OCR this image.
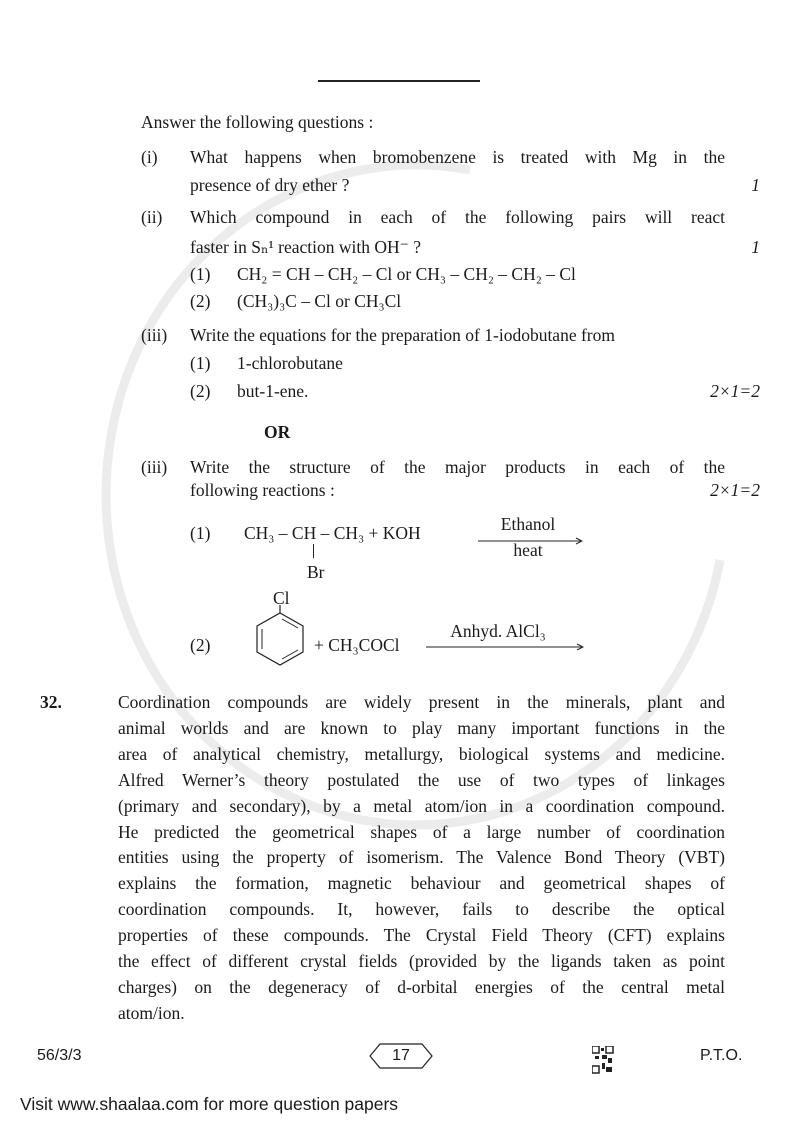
Answer the following questions :
(i) What happens when bromobenzene is treated with Mg in the
presence of dry ether ?	1
(ii) Which compound in each of the following pairs will react
faster in Sₙ¹ reaction with OH⁻ ?	1
(1) CH₂ = CH – CH₂ – Cl or CH₃ – CH₂ – CH₂ – Cl
(2) (CH₃)₃C – Cl or CH₃Cl
(iii) Write the equations for the preparation of 1-iodobutane from
(1) 1-chlorobutane
(2) but-1-ene.	2×1=2
OR
(iii) Write the structure of the major products in each of the
following reactions :	2×1=2
(1) CH₃ – CH – CH₃ + KOH
Br
Ethanol
heat
(2)
Cl
+ CH₃COCl
Anhyd. AlCl₃
32.	Coordination compounds are widely present in the minerals, plant and
animal worlds and are known to play many important functions in the
area of analytical chemistry, metallurgy, biological systems and medicine.
Alfred Werner’s theory postulated the use of two types of linkages
(primary and secondary), by a metal atom/ion in a coordination compound.
He predicted the geometrical shapes of a large number of coordination
entities using the property of isomerism. The Valence Bond Theory (VBT)
explains the formation, magnetic behaviour and geometrical shapes of
coordination compounds. It, however, fails to describe the optical
properties of these compounds. The Crystal Field Theory (CFT) explains
the effect of different crystal fields (provided by the ligands taken as point
charges) on the degeneracy of d-orbital energies of the central metal
atom/ion.
56/3/3	17	P.T.O.
Visit www.shaalaa.com for more question papers
